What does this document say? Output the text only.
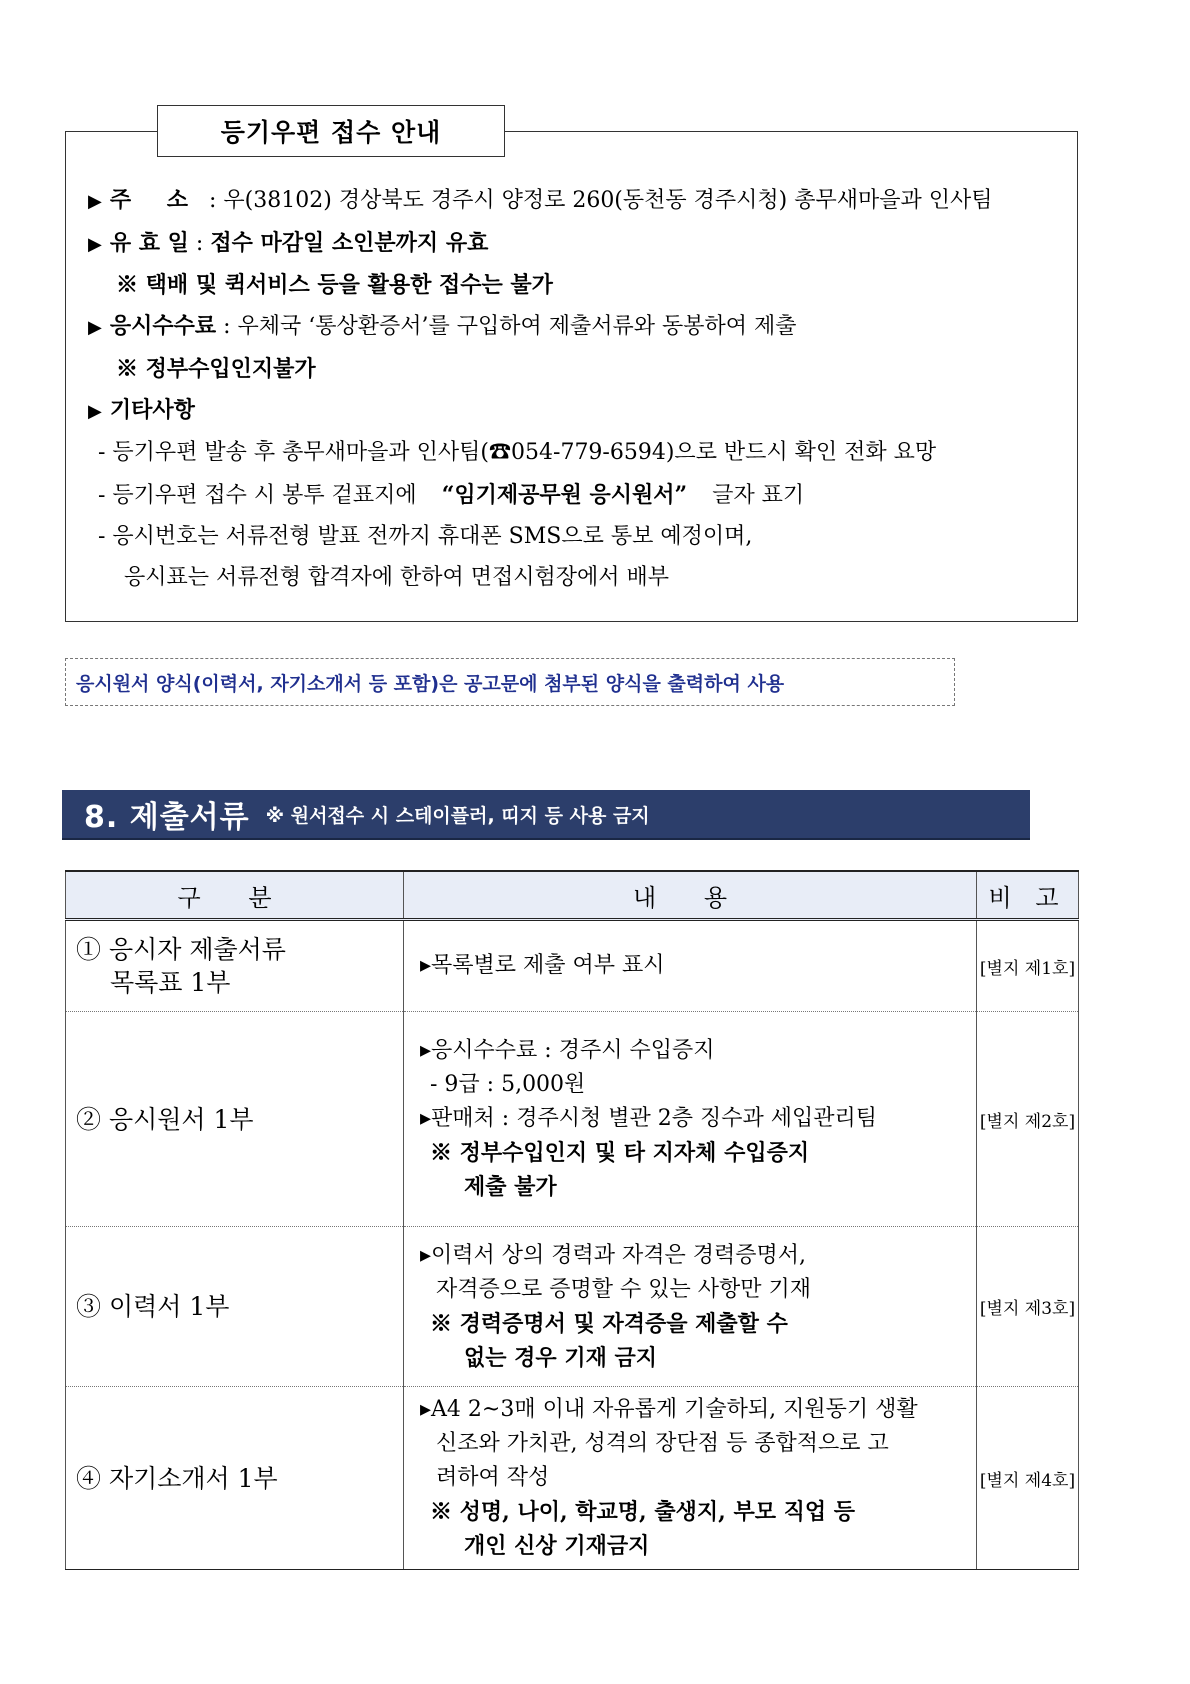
등기우편 접수 안내
▶ 주 소 : 우(38102) 경상북도 경주시 양정로 260(동천동 경주시청) 총무새마을과 인사팀
▶ 유 효 일 : 접수 마감일 소인분까지 유효
※ 택배 및 퀵서비스 등을 활용한 접수는 불가
▶ 응시수수료 : 우체국 ‘통상환증서’를 구입하여 제출서류와 동봉하여 제출
※ 정부수입인지불가
▶ 기타사항
- 등기우편 발송 후 총무새마을과 인사팀(☎054-779-6594)으로 반드시 확인 전화 요망
- 등기우편 접수 시 봉투 겉표지에 “임기제공무원 응시원서” 글자 표기
- 응시번호는 서류전형 발표 전까지 휴대폰 SMS으로 통보 예정이며,
응시표는 서류전형 합격자에 한하여 면접시험장에서 배부
응시원서 양식(이력서, 자기소개서 등 포함)은 공고문에 첨부된 양식을 출력하여 사용
8. 제출서류 ※ 원서접수 시 스테이플러, 띠지 등 사용 금지
구 분	내 용	비 고

① 응시자 제출서류
목록표 1부	▸목록별로 제출 여부 표시	[별지 제1호]

② 응시원서 1부	▸응시수수료 : 경주시 수입증지
- 9급 : 5,000원
▸판매처 : 경주시청 별관 2층 징수과 세입관리팀
※ 정부수입인지 및 타 지자체 수입증지
제출 불가	[별지 제2호]

③ 이력서 1부	▸이력서 상의 경력과 자격은 경력증명서,
자격증으로 증명할 수 있는 사항만 기재
※ 경력증명서 및 자격증을 제출할 수
없는 경우 기재 금지	[별지 제3호]

④ 자기소개서 1부	▸A4 2~3매 이내 자유롭게 기술하되, 지원동기 생활
신조와 가치관, 성격의 장단점 등 종합적으로 고
려하여 작성
※ 성명, 나이, 학교명, 출생지, 부모 직업 등
개인 신상 기재금지	[별지 제4호]
